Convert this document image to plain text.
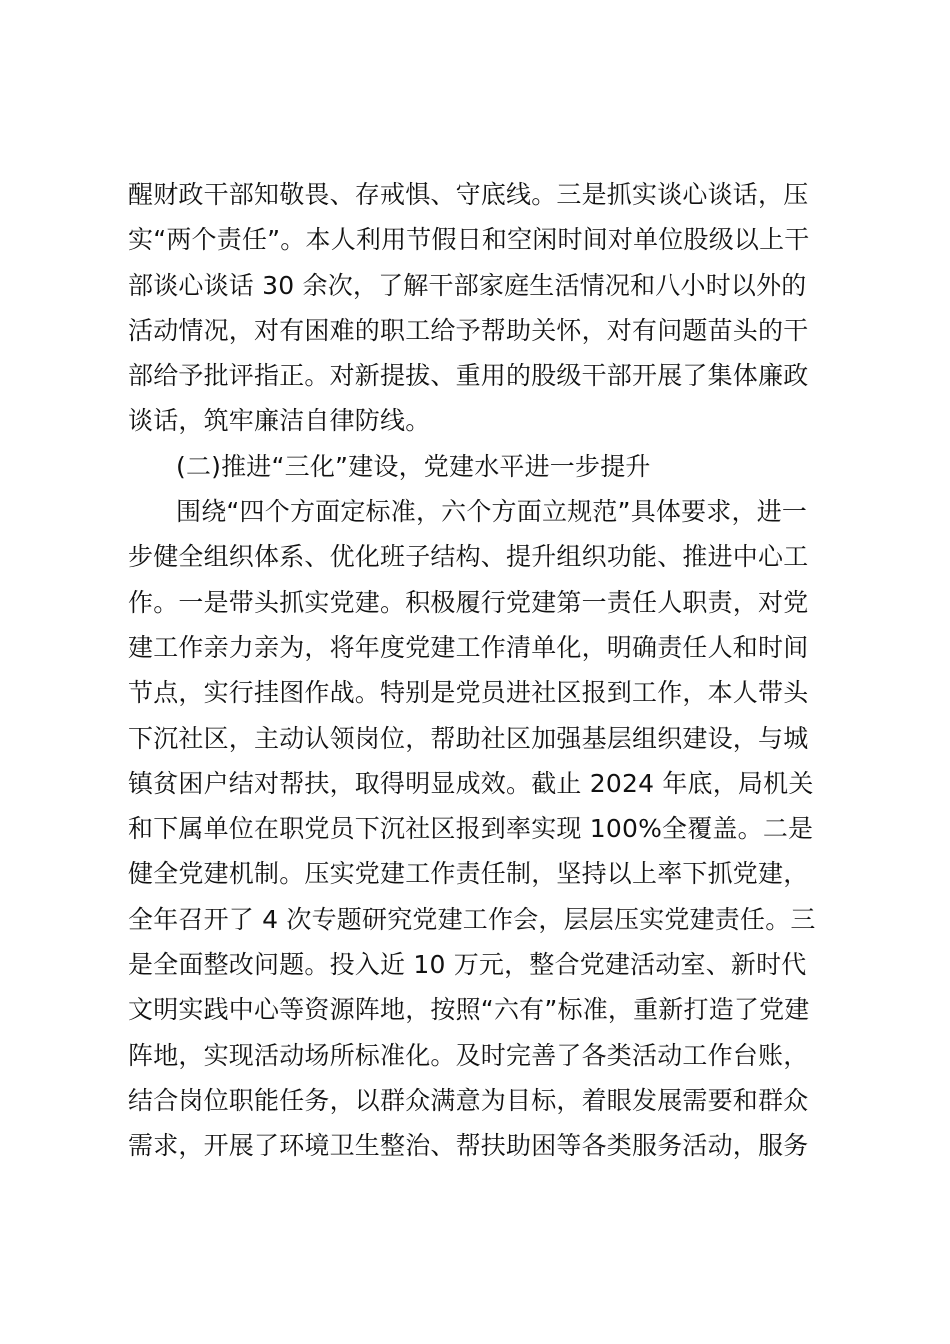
醒财政干部知敬畏、存戒惧、守底线。三是抓实谈心谈话，压
实“两个责任”。本人利用节假日和空闲时间对单位股级以上干
部谈心谈话 30 余次，了解干部家庭生活情况和八小时以外的
活动情况，对有困难的职工给予帮助关怀，对有问题苗头的干
部给予批评指正。对新提拔、重用的股级干部开展了集体廉政
谈话，筑牢廉洁自律防线。
(二)推进“三化”建设，党建水平进一步提升
围绕“四个方面定标准，六个方面立规范”具体要求，进一
步健全组织体系、优化班子结构、提升组织功能、推进中心工
作。一是带头抓实党建。积极履行党建第一责任人职责，对党
建工作亲力亲为，将年度党建工作清单化，明确责任人和时间
节点，实行挂图作战。特别是党员进社区报到工作，本人带头
下沉社区，主动认领岗位，帮助社区加强基层组织建设，与城
镇贫困户结对帮扶，取得明显成效。截止 2024 年底，局机关
和下属单位在职党员下沉社区报到率实现 100%全覆盖。二是
健全党建机制。压实党建工作责任制，坚持以上率下抓党建，
全年召开了 4 次专题研究党建工作会，层层压实党建责任。三
是全面整改问题。投入近 10 万元，整合党建活动室、新时代
文明实践中心等资源阵地，按照“六有”标准，重新打造了党建
阵地，实现活动场所标准化。及时完善了各类活动工作台账，
结合岗位职能任务，以群众满意为目标，着眼发展需要和群众
需求，开展了环境卫生整治、帮扶助困等各类服务活动，服务
